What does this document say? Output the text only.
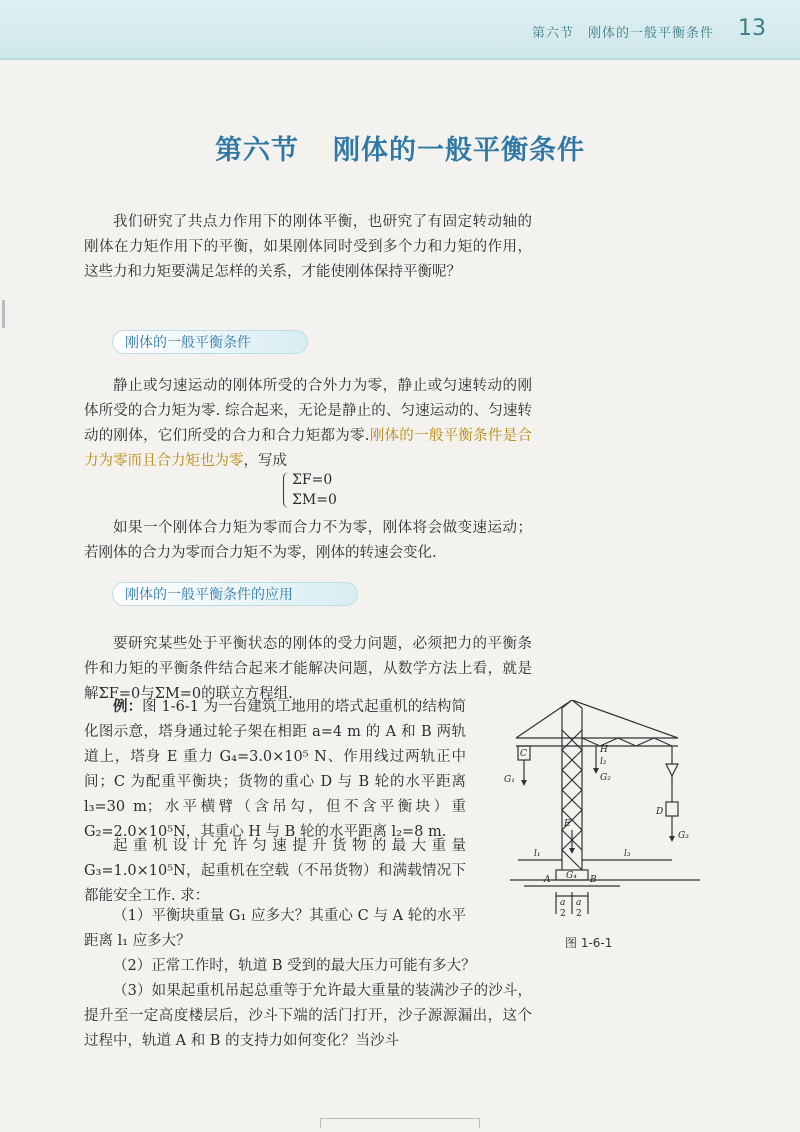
第六节　刚体的一般平衡条件 13
第六节 刚体的一般平衡条件

我们研究了共点力作用下的刚体平衡，也研究了有固定转动轴的刚体在力矩作用下的平衡，如果刚体同时受到多个力和力矩的作用，这些力和力矩要满足怎样的关系，才能使刚体保持平衡呢？

刚体的一般平衡条件

静止或匀速运动的刚体所受的合外力为零，静止或匀速转动的刚体所受的合力矩为零. 综合起来，无论是静止的、匀速运动的、匀速转动的刚体，它们所受的合力和合力矩都为零.刚体的一般平衡条件是合力为零而且合力矩也为零，写成

ΣF=0
ΣM=0

如果一个刚体合力矩为零而合力不为零，刚体将会做变速运动；若刚体的合力为零而合力矩不为零，刚体的转速会变化.

刚体的一般平衡条件的应用

要研究某些处于平衡状态的刚体的受力问题，必须把力的平衡条件和力矩的平衡条件结合起来才能解决问题，从数学方法上看，就是解ΣF=0与ΣM=0的联立方程组.

例：图 1-6-1 为一台建筑工地用的塔式起重机的结构简化图示意，塔身通过轮子架在相距 a=4 m 的 A 和 B 两轨道上，塔身 E 重力 G₄=3.0×10⁵ N、作用线过两轨正中间；C 为配重平衡块；货物的重心 D 与 B 轮的水平距离 l₃=30 m；水平横臂（含吊勾，但不含平衡块）重 G₂=2.0×10⁵N，其重心 H 与 B 轮的水平距离 l₂=8 m.

起重机设计允许匀速提升货物的最大重量 G₃=1.0×10⁵N，起重机在空载（不吊货物）和满载情况下都能安全工作. 求：

（1）平衡块重量 G₁ 应多大？其重心 C 与 A 轮的水平距离 l₁ 应多大？

（2）正常工作时，轨道 B 受到的最大压力可能有多大？

（3）如果起重机吊起总重等于允许最大重量的装满沙子的沙斗，提升至一定高度楼层后，沙斗下端的活门打开，沙子源源漏出，这个过程中，轨道 A 和 B 的支持力如何变化？当沙斗

C
G₁
H
l₂
G₂
D
G₃
E
G₄
A	B
l₁	l₃
a a
2 2
图 1-6-1
